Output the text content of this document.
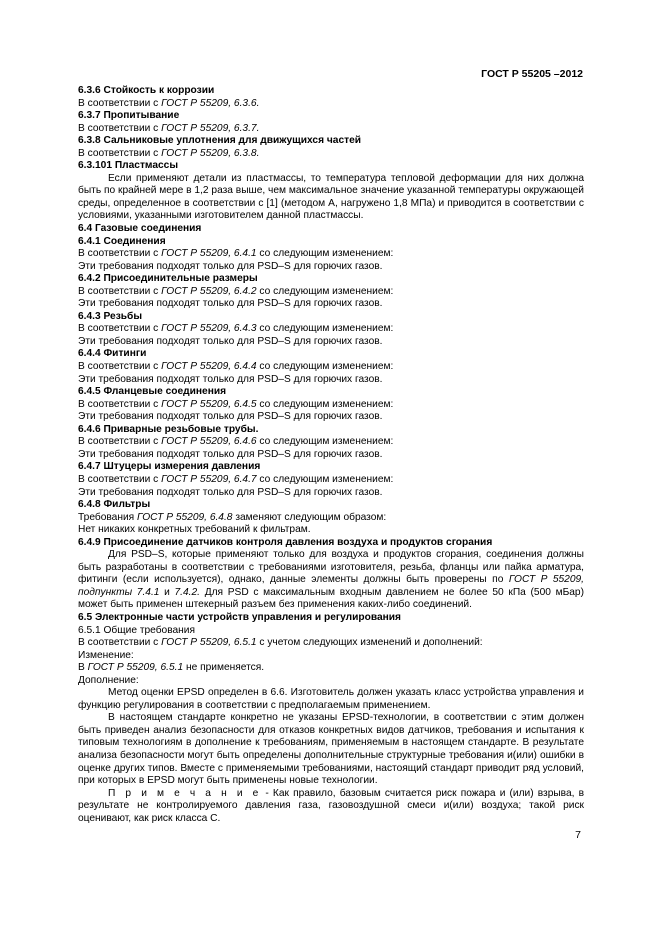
ГОСТ Р 55205 –2012
6.3.6 Стойкость к коррозии
В соответствии с ГОСТ Р 55209, 6.3.6.
6.3.7 Пропитывание
В соответствии с ГОСТ Р 55209, 6.3.7.
6.3.8 Сальниковые уплотнения для движущихся частей
В соответствии с ГОСТ Р 55209, 6.3.8.
6.3.101 Пластмассы
Если применяют детали из пластмассы, то температура тепловой деформации для них должна быть по крайней мере в 1,2 раза выше, чем максимальное значение указанной температуры окружающей среды, определенное в соответствии с [1] (методом А, нагружено 1,8 МПа) и приводится в соответствии с условиями, указанными изготовителем данной пластмассы.
6.4 Газовые соединения
6.4.1 Соединения
В соответствии с ГОСТ Р 55209, 6.4.1 со следующим изменением:
Эти требования подходят только для PSD–S для горючих газов.
6.4.2 Присоединительные размеры
В соответствии с ГОСТ Р 55209, 6.4.2 со следующим изменением:
Эти требования подходят только для PSD–S для горючих газов.
6.4.3 Резьбы
В соответствии с ГОСТ Р 55209, 6.4.3 со следующим изменением:
Эти требования подходят только для PSD–S для горючих газов.
6.4.4 Фитинги
В соответствии с ГОСТ Р 55209, 6.4.4 со следующим изменением:
Эти требования подходят только для PSD–S для горючих газов.
6.4.5 Фланцевые соединения
В соответствии с ГОСТ Р 55209, 6.4.5 со следующим изменением:
Эти требования подходят только для PSD–S для горючих газов.
6.4.6 Приварные резьбовые трубы.
В соответствии с ГОСТ Р 55209, 6.4.6 со следующим изменением:
Эти требования подходят только для PSD–S для горючих газов.
6.4.7 Штуцеры измерения давления
В соответствии с ГОСТ Р 55209, 6.4.7 со следующим изменением:
Эти требования подходят только для PSD–S для горючих газов.
6.4.8 Фильтры
Требования ГОСТ Р 55209, 6.4.8 заменяют следующим образом:
Нет никаких конкретных требований к фильтрам.
6.4.9 Присоединение датчиков контроля давления воздуха и продуктов сгорания
Для PSD–S, которые применяют только для воздуха и продуктов сгорания, соединения должны быть разработаны в соответствии с требованиями изготовителя, резьба, фланцы или пайка арматура, фитинги (если используется), однако, данные элементы должны быть проверены по ГОСТ Р 55209, подпункты 7.4.1 и 7.4.2. Для PSD с максимальным входным давлением не более 50 кПа (500 мБар) может быть применен штекерный разъем без применения каких-либо соединений.
6.5 Электронные части устройств управления и регулирования
6.5.1 Общие требования
В соответствии с ГОСТ Р 55209, 6.5.1 с учетом следующих изменений и дополнений:
Изменение:
В ГОСТ Р 55209, 6.5.1 не применяется.
Дополнение:
Метод оценки EPSD определен в 6.6. Изготовитель должен указать класс устройства управления и функцию регулирования в соответствии с предполагаемым применением.
В настоящем стандарте конкретно не указаны EPSD-технологии, в соответствии с этим должен быть приведен анализ безопасности для отказов конкретных видов датчиков, требования и испытания к типовым технологиям в дополнение к требованиям, применяемым в настоящем стандарте. В результате анализа безопасности могут быть определены дополнительные структурные требования и(или) ошибки в оценке других типов. Вместе с применяемыми требованиями, настоящий стандарт приводит ряд условий, при которых в EPSD могут быть применены новые технологии.
П р и м е ч а н и е - Как правило, базовым считается риск пожара и (или) взрыва, в результате не контролируемого давления газа, газовоздушной смеси и(или) воздуха; такой риск оценивают, как риск класса С.
7
